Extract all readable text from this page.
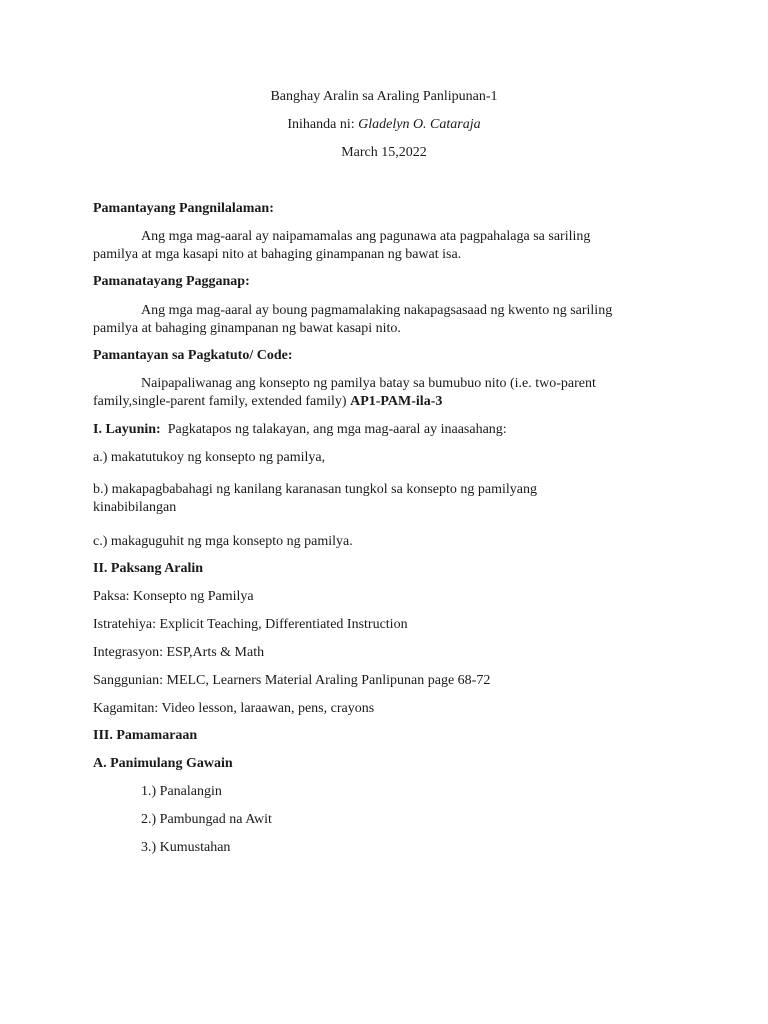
Banghay Aralin sa Araling Panlipunan-1
Inihanda ni: Gladelyn O. Cataraja
March 15,2022
Pamantayang Pangnilalaman:
Ang mga mag-aaral ay naipamamalas ang pagunawa ata pagpahalaga sa sariling
pamilya at mga kasapi nito at bahaging ginampanan ng bawat isa.
Pamanatayang Pagganap:
Ang mga mag-aaral ay boung pagmamalaking nakapagsasaad ng kwento ng sariling
pamilya at bahaging ginampanan ng bawat kasapi nito.
Pamantayan sa Pagkatuto/ Code:
Naipapaliwanag ang konsepto ng pamilya batay sa bumubuo nito (i.e. two-parent
family,single-parent family, extended family) AP1-PAM-ila-3
I. Layunin:  Pagkatapos ng talakayan, ang mga mag-aaral ay inaasahang:
a.) makatutukoy ng konsepto ng pamilya,
b.) makapagbabahagi ng kanilang karanasan tungkol sa konsepto ng pamilyang
kinabibilangan
c.) makaguguhit ng mga konsepto ng pamilya.
II. Paksang Aralin
Paksa: Konsepto ng Pamilya
Istratehiya: Explicit Teaching, Differentiated Instruction
Integrasyon: ESP,Arts & Math
Sanggunian: MELC, Learners Material Araling Panlipunan page 68-72
Kagamitan: Video lesson, laraawan, pens, crayons
III. Pamamaraan
A. Panimulang Gawain
1.) Panalangin
2.) Pambungad na Awit
3.) Kumustahan
